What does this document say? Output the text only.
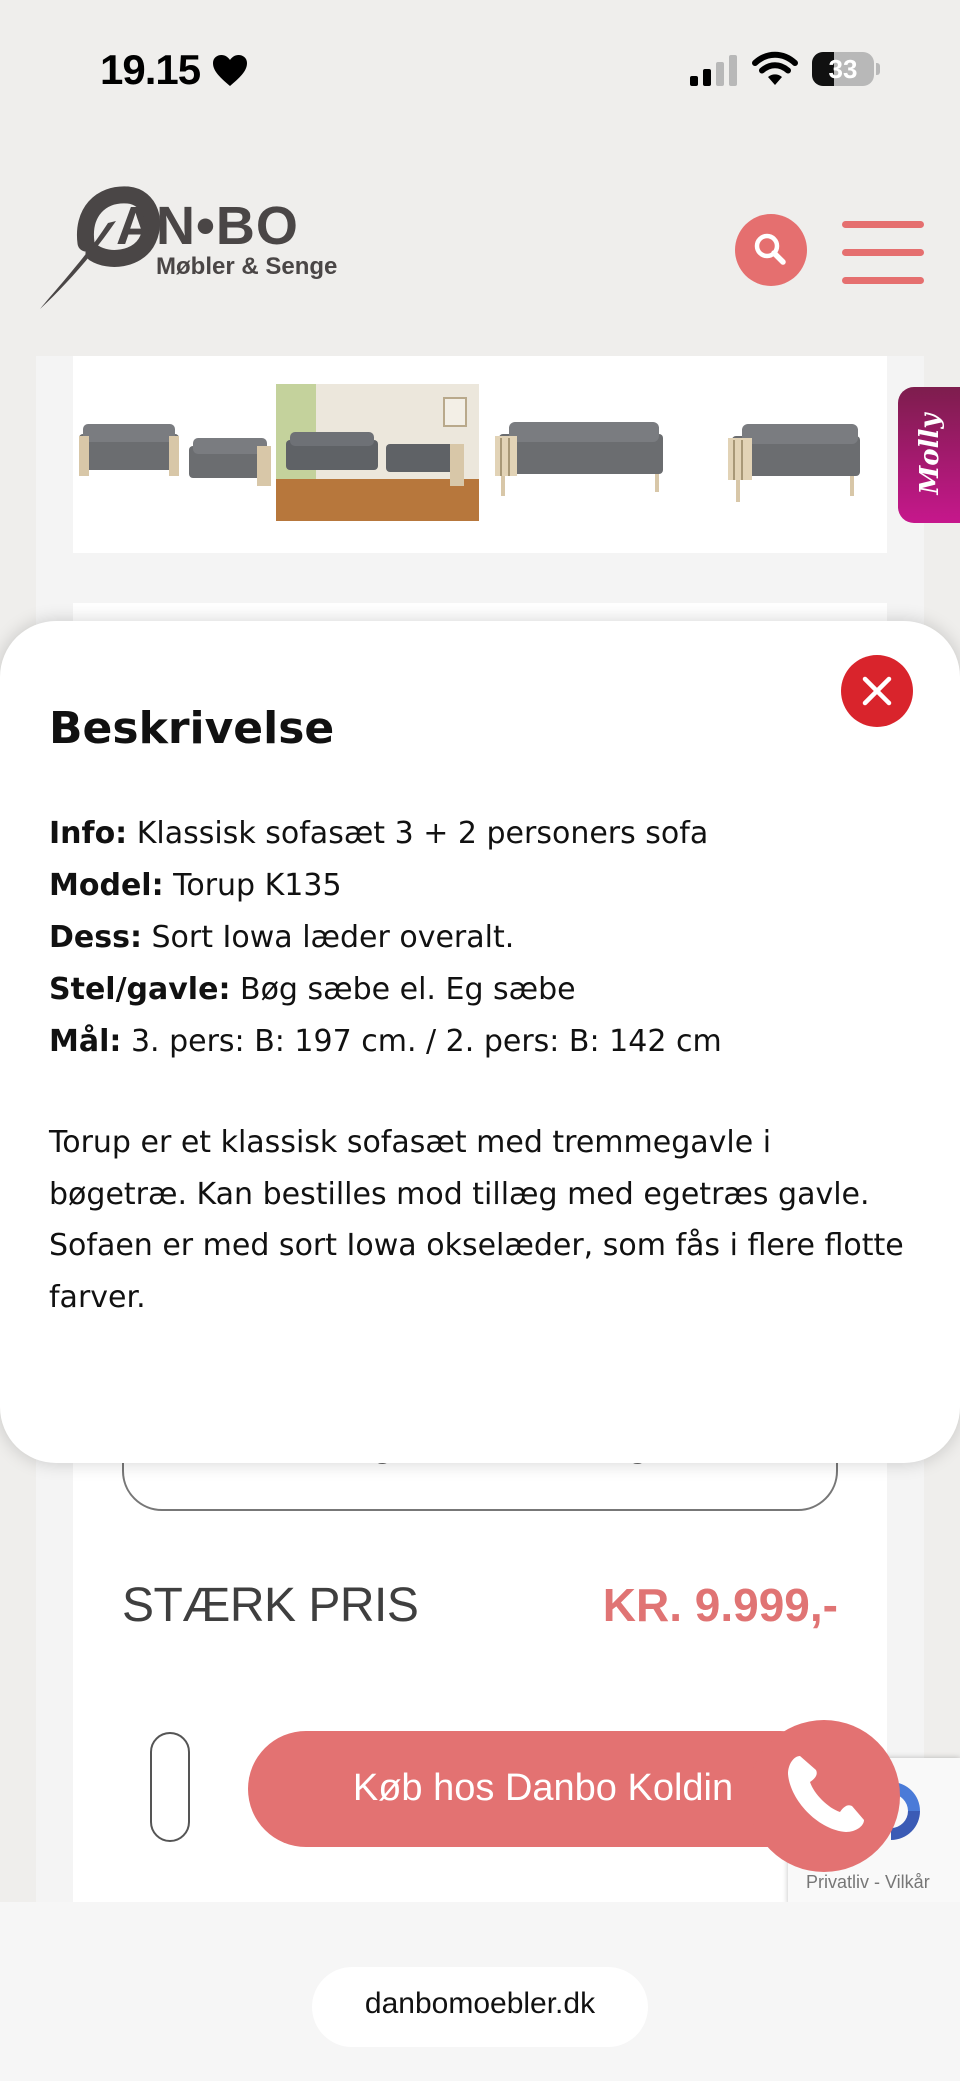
19.15	33
AN•BO
Møbler & Senge
STÆRK PRIS	KR. 9.999,-
Molly
Privatliv - Vilkår
Køb hos Danbo Koldin
Beskrivelse
Info: Klassisk sofasæt 3 + 2 personers sofa
Model: Torup K135
Dess: Sort Iowa læder overalt.
Stel/gavle: Bøg sæbe el. Eg sæbe
Mål: 3. pers: B: 197 cm. / 2. pers: B: 142 cm
Torup er et klassisk sofasæt med tremmegavle i bøgetræ. Kan bestilles mod tillæg med egetræs gavle. Sofaen er med sort Iowa okselæder, som fås i flere flotte farver.
danbomoebler.dk
